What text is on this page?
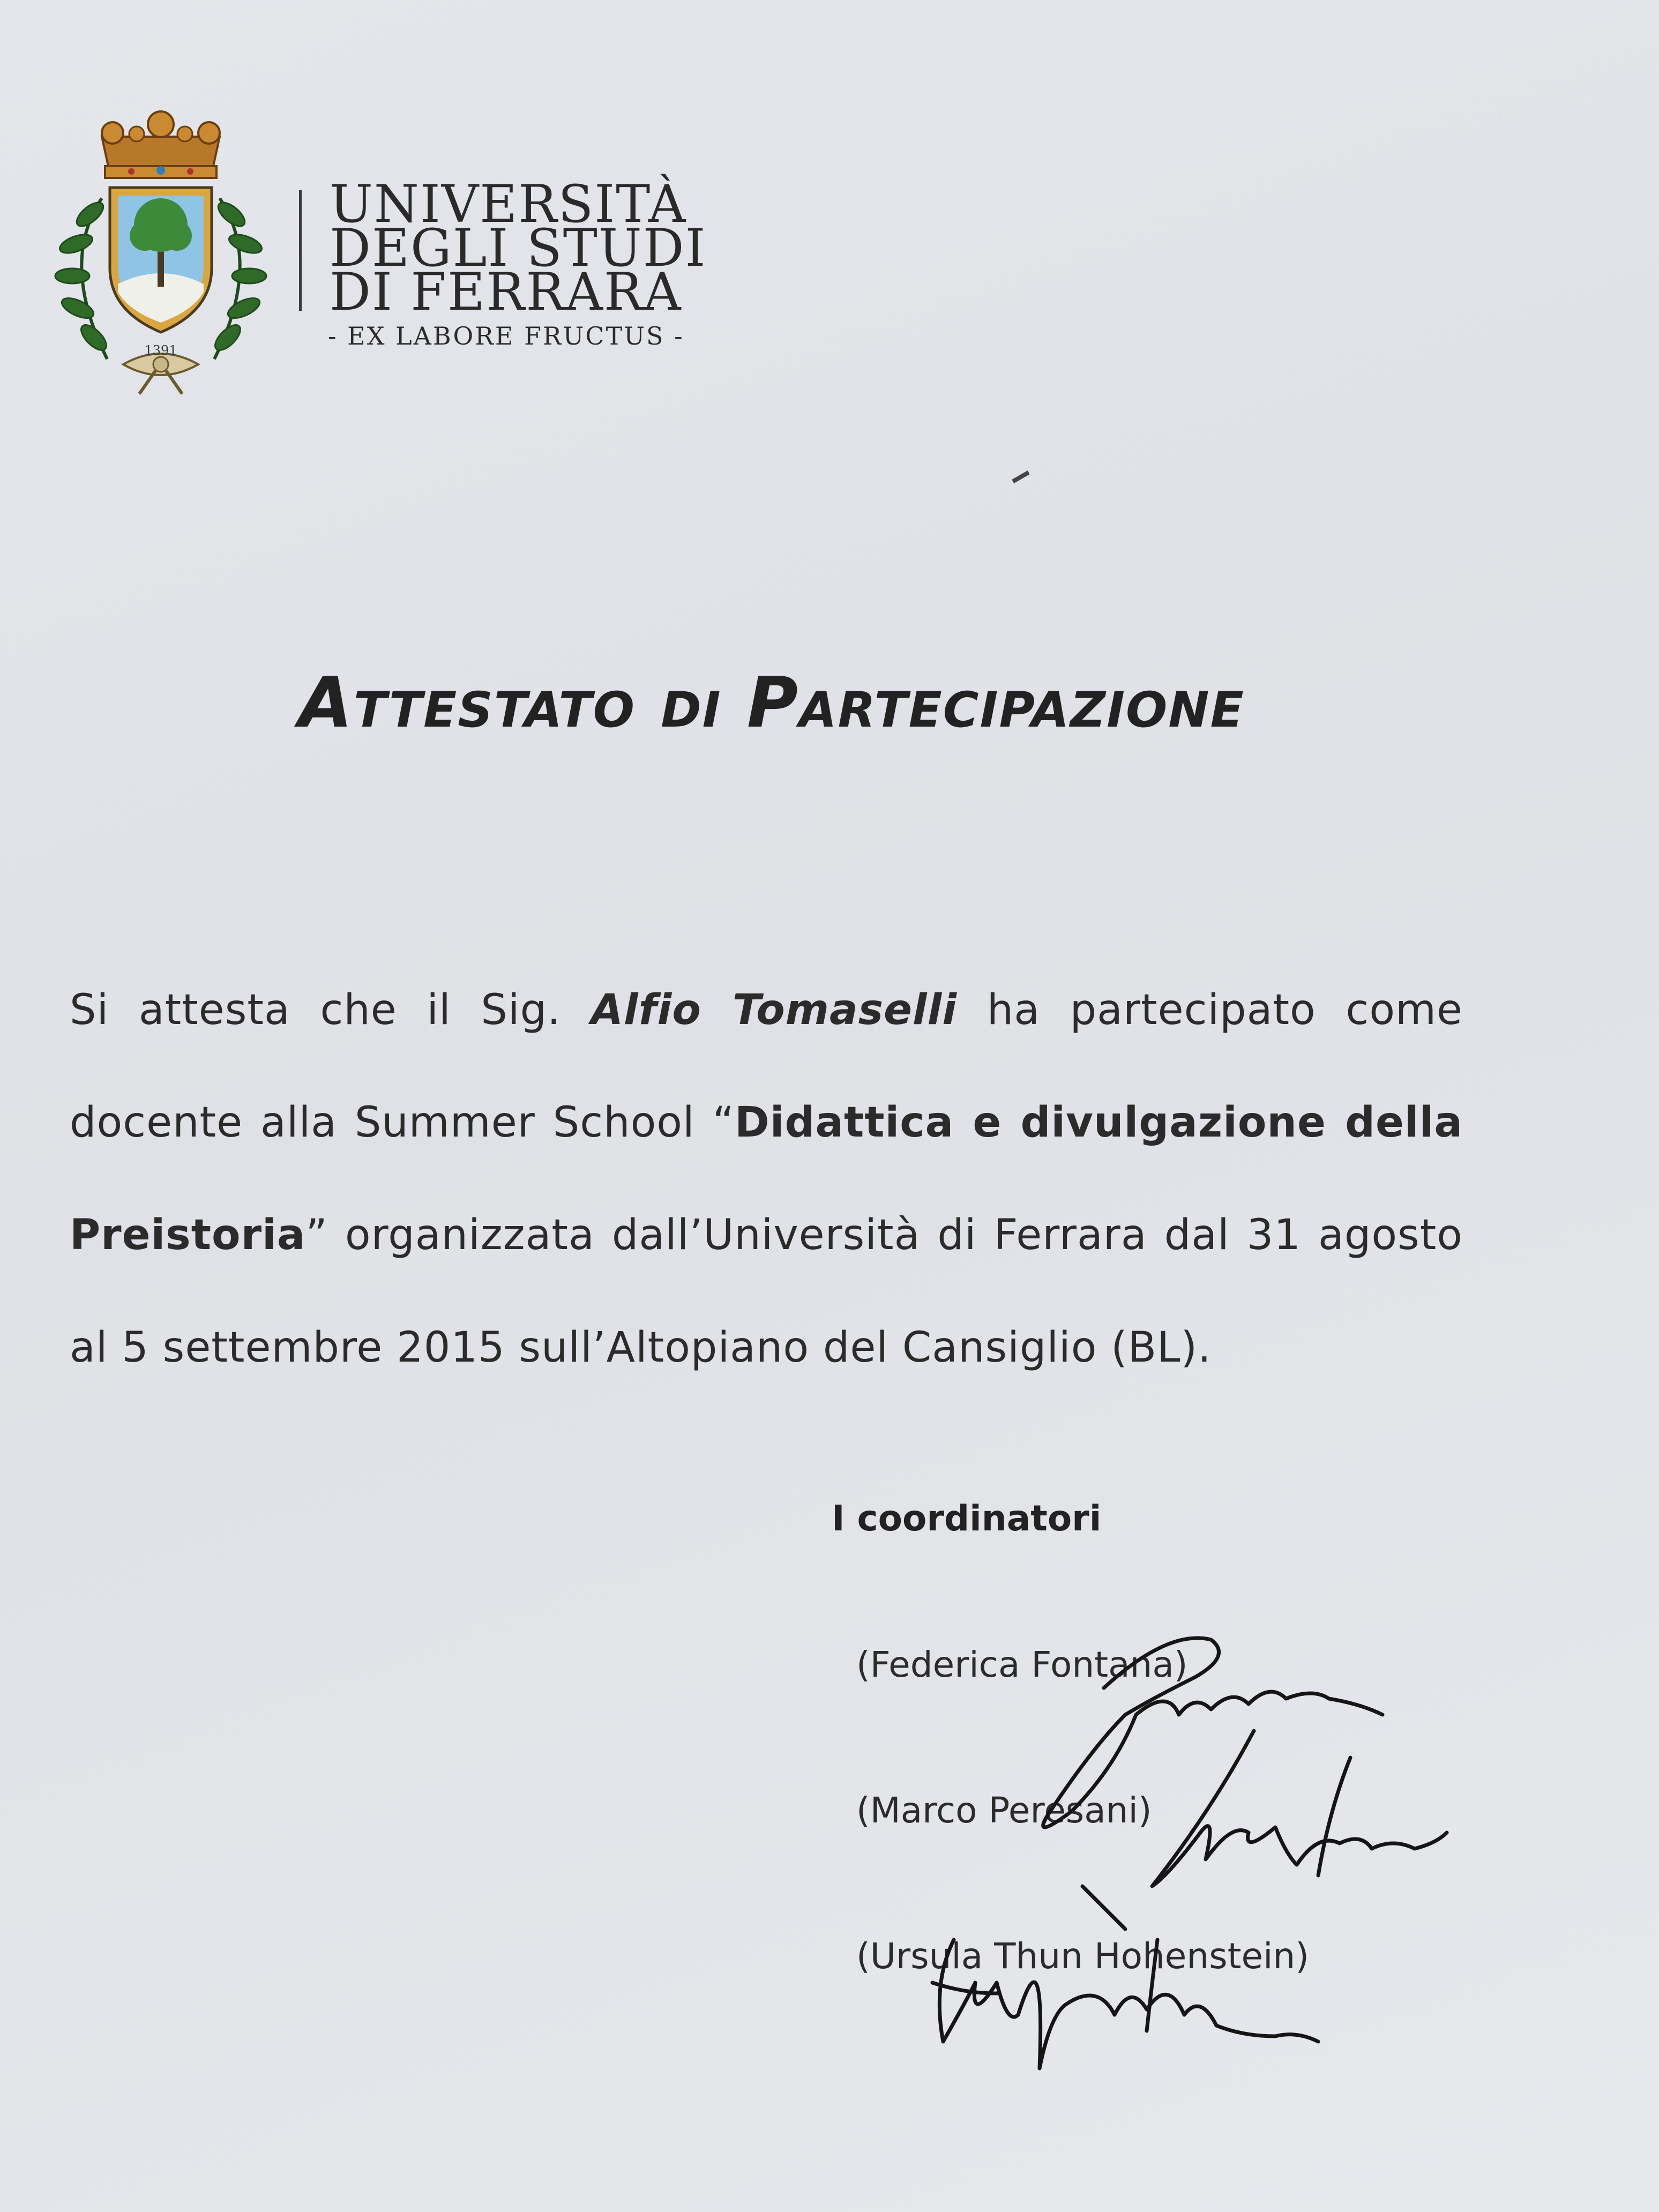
1391
UNIVERSITÀ
DEGLI STUDI
DI FERRARA
- EX LABORE FRUCTUS -
Attestato di Partecipazione
Si attesta che il Sig. Alfio Tomaselli ha partecipato come docente alla Summer School “Didattica e divulgazione della Preistoria” organizzata dall’Università di Ferrara dal 31 agosto al 5 settembre 2015 sull’Altopiano del Cansiglio (BL).
I coordinatori
(Federica Fontana)
(Marco Peresani)
(Ursula Thun Hohenstein)
